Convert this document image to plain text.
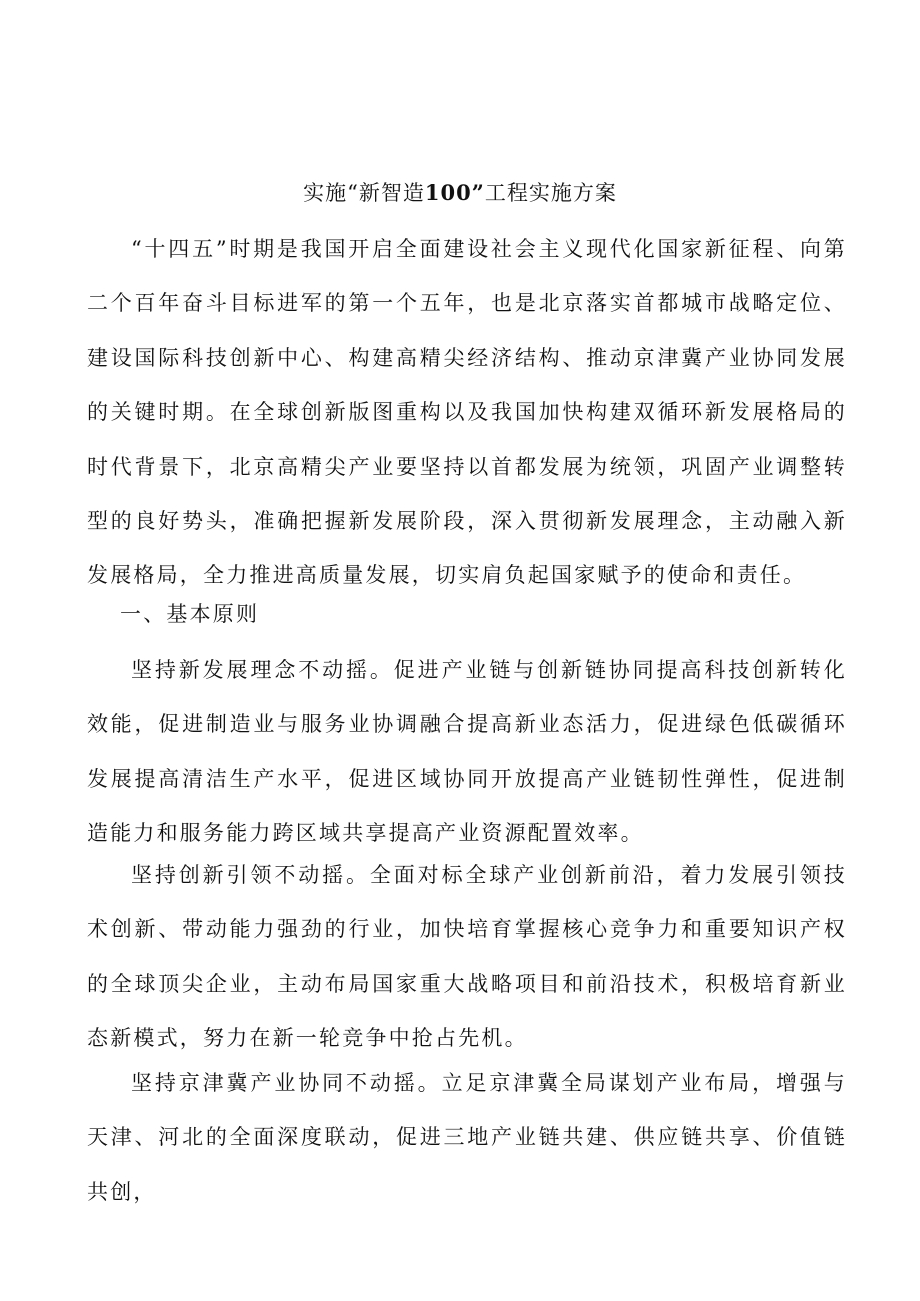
实施“新智造100”工程实施方案

“十四五”时期是我国开启全面建设社会主义现代化国家新征程、向第二个百年奋斗目标进军的第一个五年，也是北京落实首都城市战略定位、建设国际科技创新中心、构建高精尖经济结构、推动京津冀产业协同发展的关键时期。在全球创新版图重构以及我国加快构建双循环新发展格局的时代背景下，北京高精尖产业要坚持以首都发展为统领，巩固产业调整转型的良好势头，准确把握新发展阶段，深入贯彻新发展理念，主动融入新发展格局，全力推进高质量发展，切实肩负起国家赋予的使命和责任。

一、基本原则

坚持新发展理念不动摇。促进产业链与创新链协同提高科技创新转化效能，促进制造业与服务业协调融合提高新业态活力，促进绿色低碳循环发展提高清洁生产水平，促进区域协同开放提高产业链韧性弹性，促进制造能力和服务能力跨区域共享提高产业资源配置效率。

坚持创新引领不动摇。全面对标全球产业创新前沿，着力发展引领技术创新、带动能力强劲的行业，加快培育掌握核心竞争力和重要知识产权的全球顶尖企业，主动布局国家重大战略项目和前沿技术，积极培育新业态新模式，努力在新一轮竞争中抢占先机。

坚持京津冀产业协同不动摇。立足京津冀全局谋划产业布局，增强与天津、河北的全面深度联动，促进三地产业链共建、供应链共享、价值链共创，
